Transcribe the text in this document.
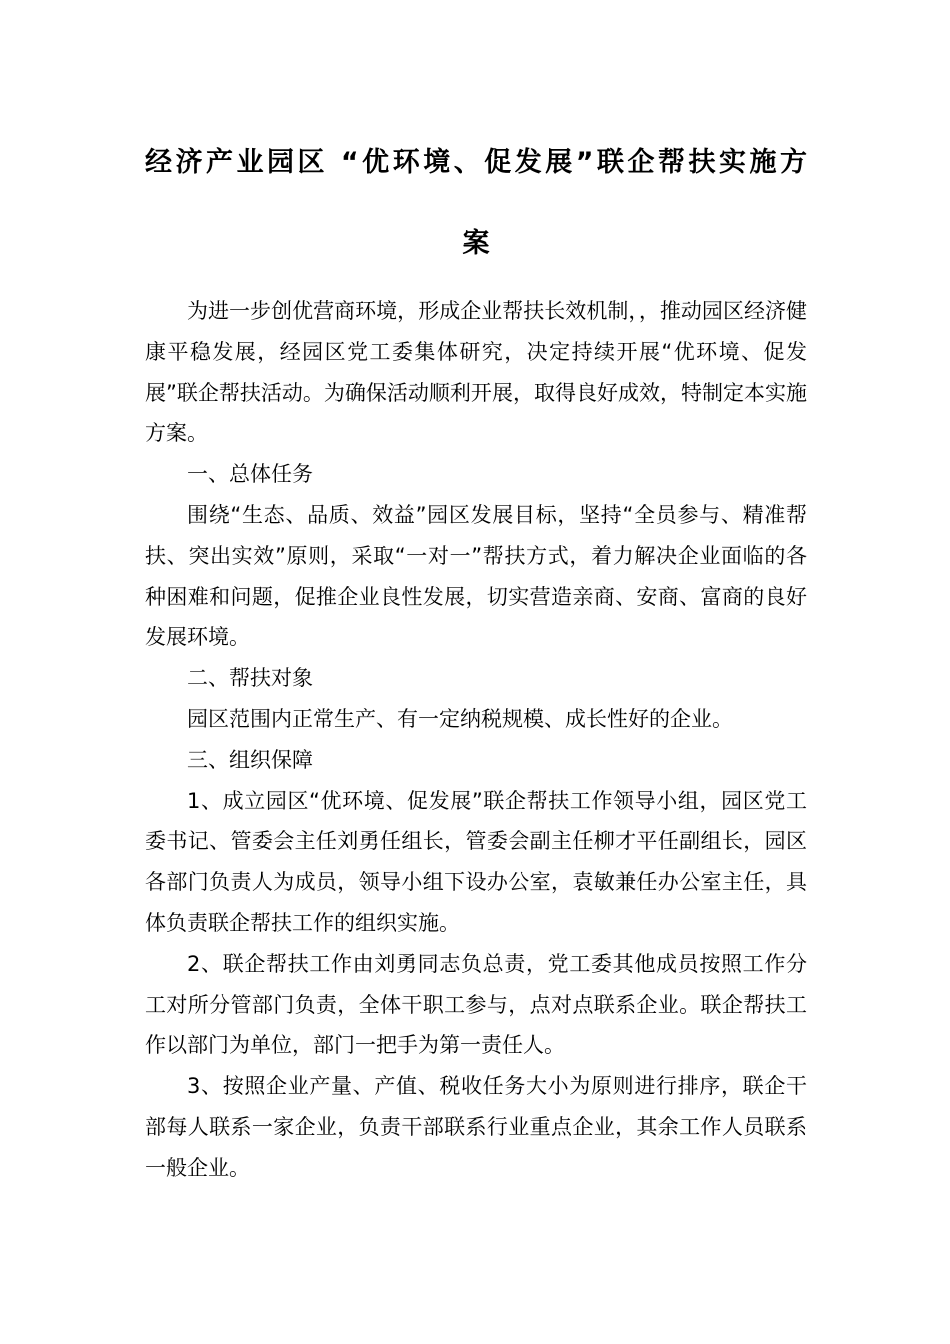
经济产业园区 “优环境、促发展”联企帮扶实施方
案

为进一步创优营商环境，形成企业帮扶长效机制，，推动园区经济健康平稳发展，经园区党工委集体研究，决定持续开展“优环境、促发展”联企帮扶活动。为确保活动顺利开展，取得良好成效，特制定本实施方案。

一、总体任务

围绕“生态、品质、效益”园区发展目标，坚持“全员参与、精准帮扶、突出实效”原则，采取“一对一”帮扶方式，着力解决企业面临的各种困难和问题，促推企业良性发展，切实营造亲商、安商、富商的良好发展环境。

二、帮扶对象

园区范围内正常生产、有一定纳税规模、成长性好的企业。

三、组织保障

1、成立园区“优环境、促发展”联企帮扶工作领导小组，园区党工委书记、管委会主任刘勇任组长，管委会副主任柳才平任副组长，园区各部门负责人为成员，领导小组下设办公室，袁敏兼任办公室主任，具体负责联企帮扶工作的组织实施。

2、联企帮扶工作由刘勇同志负总责，党工委其他成员按照工作分工对所分管部门负责，全体干职工参与，点对点联系企业。联企帮扶工作以部门为单位，部门一把手为第一责任人。

3、按照企业产量、产值、税收任务大小为原则进行排序，联企干部每人联系一家企业，负责干部联系行业重点企业，其余工作人员联系一般企业。
